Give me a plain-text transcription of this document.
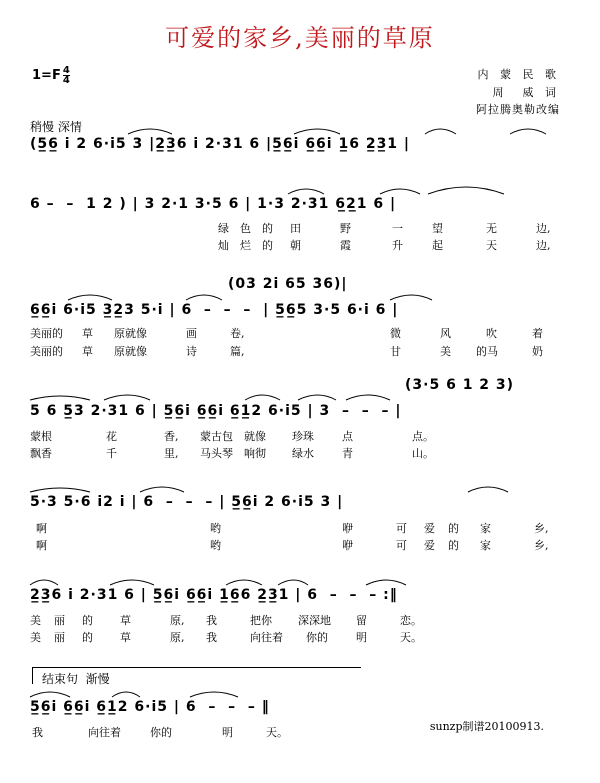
可爱的家乡,美丽的草原
$1=F \frac{4}{4}$	内 蒙 民 歌
周  威 词
阿拉腾奥勒改编
稍慢 深情
(5̲6̲ i 2 6·i5 3 |2̲3̲6 i 2·31 6 |5̲6̲i 6̲6̲i 1̲6 2̲3̲1 |
6 –  –  1 2 ) | 3 2·1 3·5 6 | 1·3 2·31 6̲2̲1 6 |
(03 2i 65 36)|
6̲6̲i 6·i5 3̲2̲3 5·i | 6  –  –  –  | 5̲6̲5 3·5 6·i 6 |
(3·5 6 1 2 3)
5 6 5̲3 2·31 6 | 5̲6̲i 6̲6̲i 6̲1̲2 6·i5 | 3  –  –  – |
5·3 5·6 i2 i | 6  –  –  – | 5̲6̲i 2 6·i5 3 |
2̲3̲6 i 2·31 6 | 5̲6̲i 6̲6̲i 1̲6̲6 2̲3̲1 | 6  –  –  – :‖
5̲6̲i 6̲6̲i 6̲1̲2 6·i5 | 6  –  –  – ‖
绿 色 的 田	野	一	望	无	边,
灿 烂 的 朝	霞	升	起	天	边,
美丽的 草 原就像	画	卷,	微	风	吹	着
美丽的 草 原就像	诗	篇,	甘	美 的马	奶
蒙根	花	香, 蒙古包 就像 珍珠	点	点。
飘香	千	里, 马头琴 响彻 绿水	青	山。
啊	哟	咿	可 爱 的 家	乡,
啊	哟	咿	可 爱 的 家	乡,
美 丽 的 草	原, 我	把你 深深地 留	恋。
美 丽 的 草	原, 我	向往着 你的	明	天。
结束句  渐慢
我	向往着	你的	明	天。	sunzp制谱20100913.
